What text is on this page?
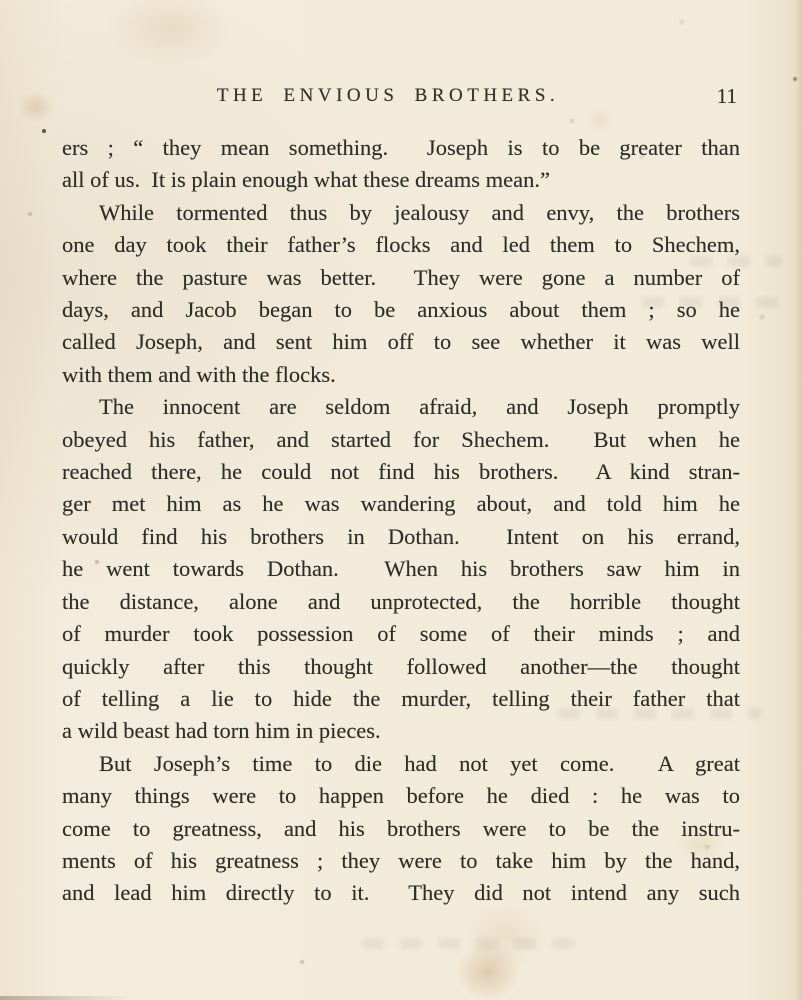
THE ENVIOUS BROTHERS.	11
ers ; “ they mean something.  Joseph is to be greater than
all of us.  It is plain enough what these dreams mean.”
While tormented thus by jealousy and envy, the brothers
one day took their father’s flocks and led them to Shechem,
where the pasture was better.  They were gone a number of
days, and Jacob began to be anxious about them ; so he
called Joseph, and sent him off to see whether it was well
with them and with the flocks.
The innocent are seldom afraid, and Joseph promptly
obeyed his father, and started for Shechem.  But when he
reached there, he could not find his brothers.  A kind stran-
ger met him as he was wandering about, and told him he
would find his brothers in Dothan.  Intent on his errand,
he went towards Dothan.  When his brothers saw him in
the distance, alone and unprotected, the horrible thought
of murder took possession of some of their minds ; and
quickly after this thought followed another—the thought
of telling a lie to hide the murder, telling their father that
a wild beast had torn him in pieces.
But Joseph’s time to die had not yet come.  A great
many things were to happen before he died : he was to
come to greatness, and his brothers were to be the instru-
ments of his greatness ; they were to take him by the hand,
and lead him directly to it.  They did not intend any such
